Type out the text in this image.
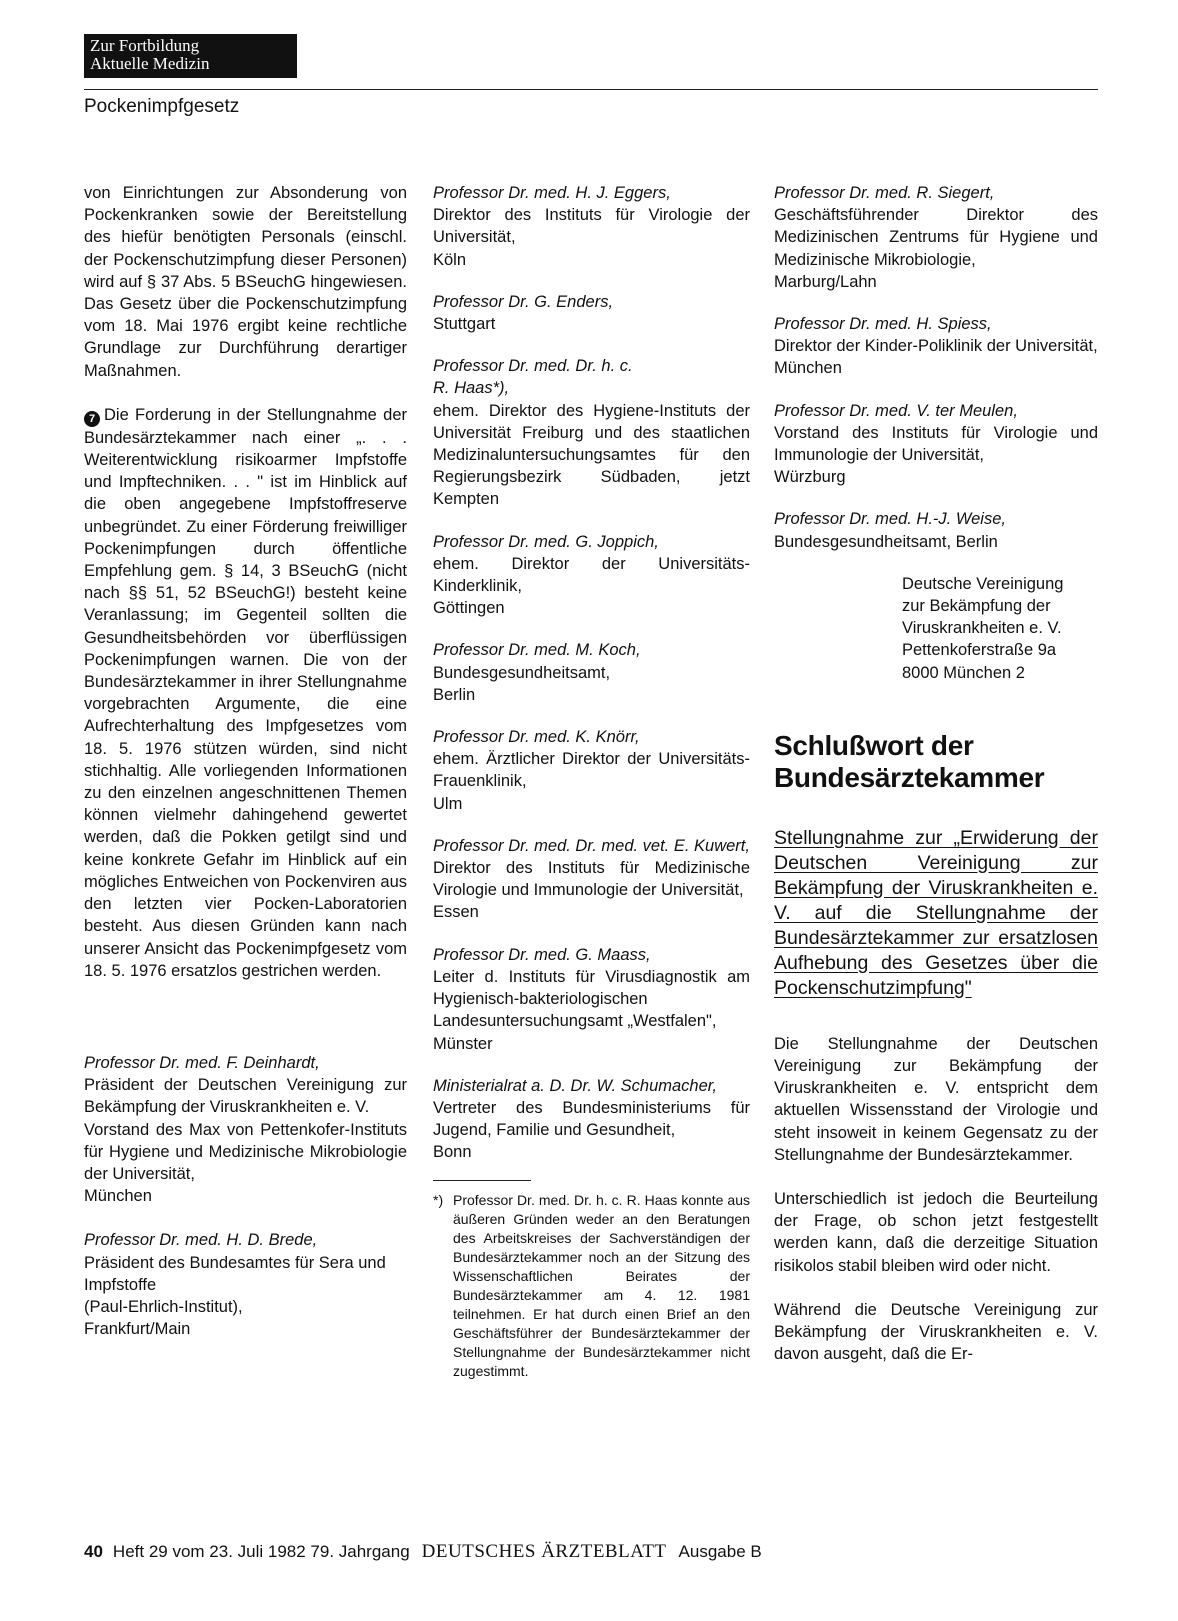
Zur Fortbildung
Aktuelle Medizin
Pockenimpfgesetz

von Einrichtungen zur Absonderung von Pockenkranken sowie der Bereitstellung des hiefür benötigten Personals (einschl. der Pockenschutzimpfung dieser Personen) wird auf § 37 Abs. 5 BSeuchG hingewiesen. Das Gesetz über die Pockenschutzimpfung vom 18. Mai 1976 ergibt keine rechtliche Grundlage zur Durchführung derartiger Maßnahmen.

7 Die Forderung in der Stellungnahme der Bundesärztekammer nach einer „. . . Weiterentwicklung risikoarmer Impfstoffe und Impftechniken. . . " ist im Hinblick auf die oben angegebene Impfstoffreserve unbegründet. Zu einer Förderung freiwilliger Pockenimpfungen durch öffentliche Empfehlung gem. § 14, 3 BSeuchG (nicht nach §§ 51, 52 BSeuchG!) besteht keine Veranlassung; im Gegenteil sollten die Gesundheitsbehörden vor überflüssigen Pockenimpfungen warnen. Die von der Bundesärztekammer in ihrer Stellungnahme vorgebrachten Argumente, die eine Aufrechterhaltung des Impfgesetzes vom 18. 5. 1976 stützen würden, sind nicht stichhaltig. Alle vorliegenden Informationen zu den einzelnen angeschnittenen Themen können vielmehr dahingehend gewertet werden, daß die Pokken getilgt sind und keine konkrete Gefahr im Hinblick auf ein mögliches Entweichen von Pockenviren aus den letzten vier Pocken-Laboratorien besteht. Aus diesen Gründen kann nach unserer Ansicht das Pockenimpfgesetz vom 18. 5. 1976 ersatzlos gestrichen werden.

Professor Dr. med. F. Deinhardt,

Präsident der Deutschen Vereinigung zur Bekämpfung der Viruskrankheiten e. V.

Vorstand des Max von Pettenkofer-Instituts für Hygiene und Medizinische Mikrobiologie der Universität,

München

Professor Dr. med. H. D. Brede,

Präsident des Bundesamtes für Sera und Impfstoffe

(Paul-Ehrlich-Institut),

Frankfurt/Main

Professor Dr. med. H. J. Eggers,

Direktor des Instituts für Virologie der Universität,

Köln

Professor Dr. G. Enders,

Stuttgart

Professor Dr. med. Dr. h. c.

R. Haas*),

ehem. Direktor des Hygiene-Instituts der Universität Freiburg und des staatlichen Medizinaluntersuchungsamtes für den Regierungsbezirk Südbaden, jetzt Kempten

Professor Dr. med. G. Joppich,

ehem. Direktor der Universitäts-Kinderklinik,

Göttingen

Professor Dr. med. M. Koch,

Bundesgesundheitsamt,

Berlin

Professor Dr. med. K. Knörr,

ehem. Ärztlicher Direktor der Universitäts-Frauenklinik,

Ulm

Professor Dr. med. Dr. med. vet. E. Kuwert,

Direktor des Instituts für Medizinische Virologie und Immunologie der Universität,

Essen

Professor Dr. med. G. Maass,

Leiter d. Instituts für Virusdiagnostik am Hygienisch-bakteriologischen Landesuntersuchungsamt „Westfalen",

Münster

Ministerialrat a. D. Dr. W. Schumacher,

Vertreter des Bundesministeriums für Jugend, Familie und Gesundheit,

Bonn

*) Professor Dr. med. Dr. h. c. R. Haas konnte aus äußeren Gründen weder an den Beratungen des Arbeitskreises der Sachverständigen der Bundesärztekammer noch an der Sitzung des Wissenschaftlichen Beirates der Bundesärztekammer am 4. 12. 1981 teilnehmen. Er hat durch einen Brief an den Geschäftsführer der Bundesärztekammer der Stellungnahme der Bundesärztekammer nicht zugestimmt.

Professor Dr. med. R. Siegert,

Geschäftsführender Direktor des Medizinischen Zentrums für Hygiene und Medizinische Mikrobiologie,

Marburg/Lahn

Professor Dr. med. H. Spiess,

Direktor der Kinder-Poliklinik der Universität,

München

Professor Dr. med. V. ter Meulen,

Vorstand des Instituts für Virologie und Immunologie der Universität,

Würzburg

Professor Dr. med. H.-J. Weise,

Bundesgesundheitsamt, Berlin

Deutsche Vereinigung

zur Bekämpfung der

Viruskrankheiten e. V.

Pettenkoferstraße 9a

8000 München 2

Schlußwort der Bundesärztekammer

Stellungnahme zur „Erwiderung der Deutschen Vereinigung zur Bekämpfung der Viruskrankheiten e. V. auf die Stellungnahme der Bundesärztekammer zur ersatzlosen Aufhebung des Gesetzes über die Pockenschutzimpfung"

Die Stellungnahme der Deutschen Vereinigung zur Bekämpfung der Viruskrankheiten e. V. entspricht dem aktuellen Wissensstand der Virologie und steht insoweit in keinem Gegensatz zu der Stellungnahme der Bundesärztekammer.

Unterschiedlich ist jedoch die Beurteilung der Frage, ob schon jetzt festgestellt werden kann, daß die derzeitige Situation risikolos stabil bleiben wird oder nicht.

Während die Deutsche Vereinigung zur Bekämpfung der Viruskrankheiten e. V. davon ausgeht, daß die Er-

40 Heft 29 vom 23. Juli 1982 79. Jahrgang DEUTSCHES ÄRZTEBLATT Ausgabe B
